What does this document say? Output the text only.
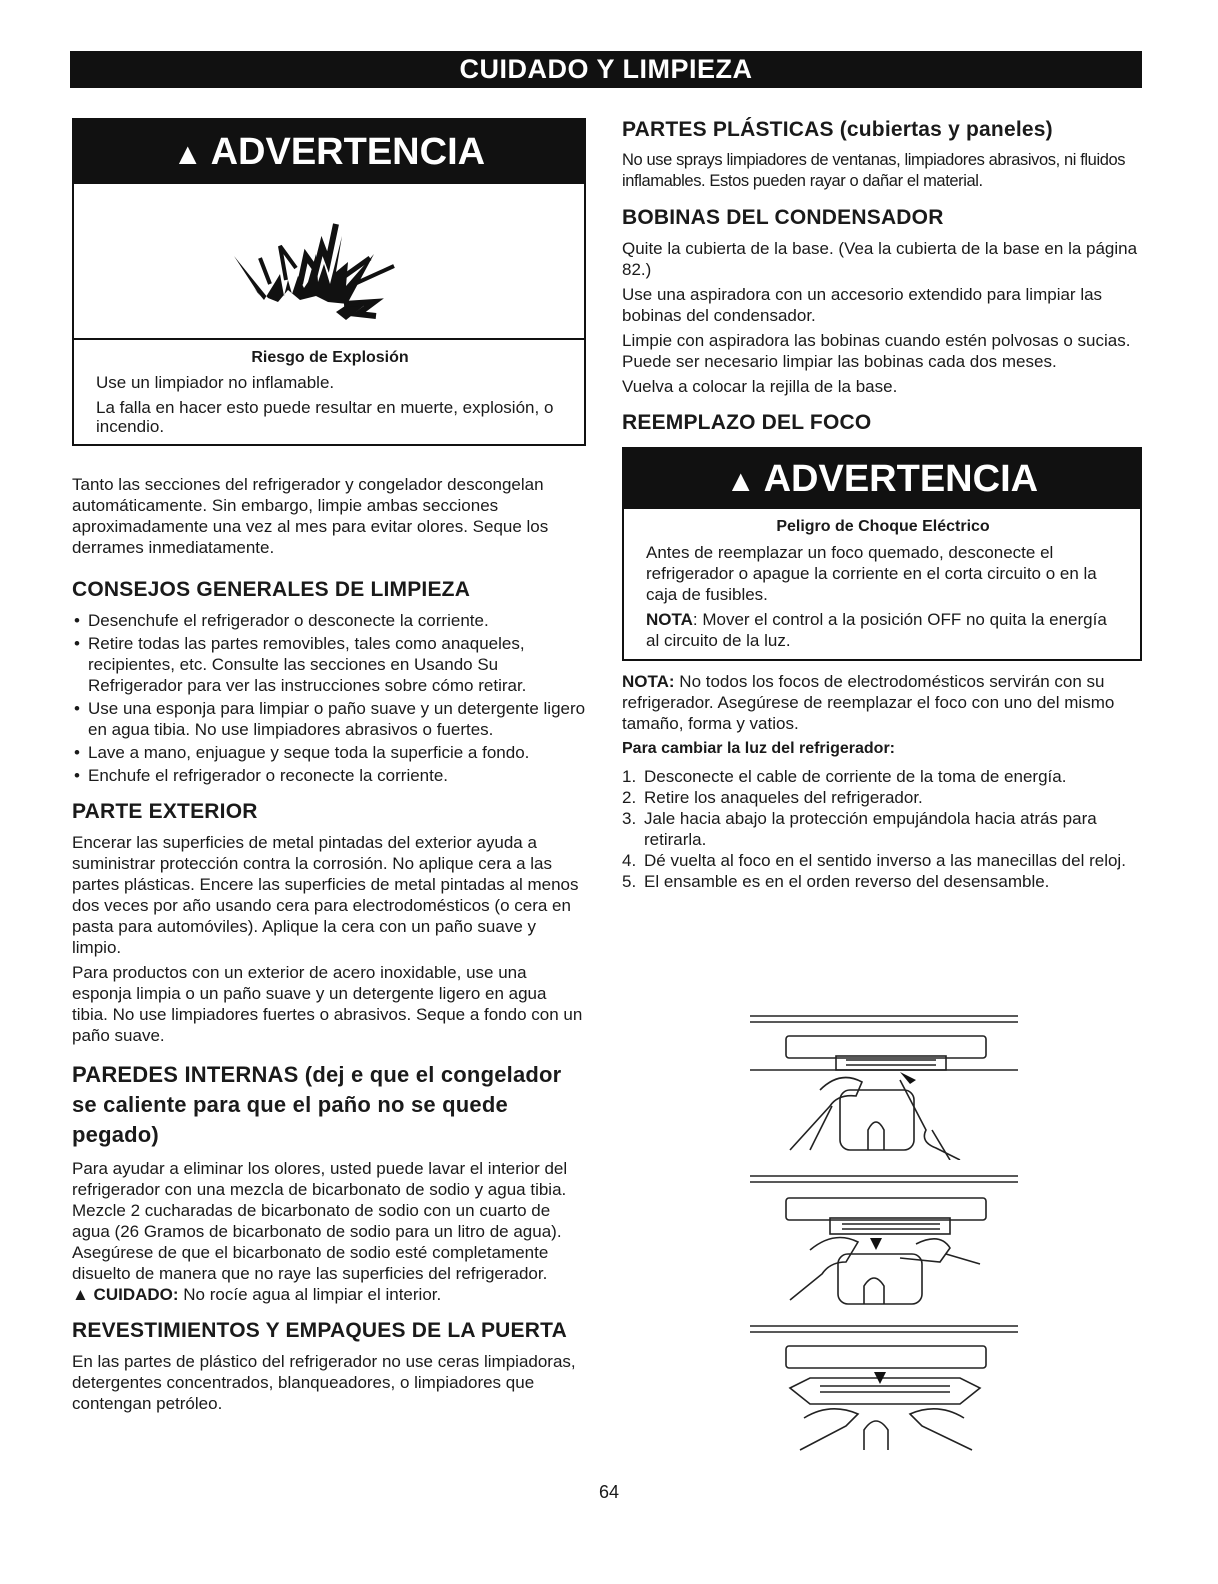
CUIDADO Y LIMPIEZA
▲ ADVERTENCIA
Riesgo de Explosión

Use un limpiador no inflamable.

La falla en hacer esto puede resultar en muerte, explosión, o incendio.

Tanto las secciones del refrigerador y congelador descongelan automáticamente. Sin embargo, limpie ambas secciones aproximadamente una vez al mes para evitar olores. Seque los derrames inmediatamente.

CONSEJOS GENERALES DE LIMPIEZA
• Desenchufe el refrigerador o desconecte la corriente.
• Retire todas las partes removibles, tales como anaqueles, recipientes, etc. Consulte las secciones en Usando Su Refrigerador para ver las instrucciones sobre cómo retirar.
• Use una esponja para limpiar o paño suave y un detergente ligero en agua tibia. No use limpiadores abrasivos o fuertes.
• Lave a mano, enjuague y seque toda la superficie a fondo.
• Enchufe el refrigerador o reconecte la corriente.
PARTE EXTERIOR

Encerar las superficies de metal pintadas del exterior ayuda a suministrar protección contra la corrosión. No aplique cera a las partes plásticas. Encere las superficies de metal pintadas al menos dos veces por año usando cera para electrodomésticos (o cera en pasta para automóviles). Aplique la cera con un paño suave y limpio.

Para productos con un exterior de acero inoxidable, use una esponja limpia o un paño suave y un detergente ligero en agua tibia. No use limpiadores fuertes o abrasivos. Seque a fondo con un paño suave.

PAREDES INTERNAS (dej e que el congelador se caliente para que el paño no se quede pegado)

Para ayudar a eliminar los olores, usted puede lavar el interior del refrigerador con una mezcla de bicarbonato de sodio y agua tibia. Mezcle 2 cucharadas de bicarbonato de sodio con un cuarto de agua (26 Gramos de bicarbonato de sodio para un litro de agua). Asegúrese de que el bicarbonato de sodio esté completamente disuelto de manera que no raye las superficies del refrigerador.

▲ CUIDADO: No rocíe agua al limpiar el interior.

REVESTIMIENTOS Y EMPAQUES DE LA PUERTA

En las partes de plástico del refrigerador no use ceras limpiadoras, detergentes concentrados, blanqueadores, o limpiadores que contengan petróleo.

PARTES PLÁSTICAS (cubiertas y paneles)

No use sprays limpiadores de ventanas, limpiadores abrasivos, ni fluidos inflamables. Estos pueden rayar o dañar el material.

BOBINAS DEL CONDENSADOR

Quite la cubierta de la base. (Vea la cubierta de la base en la página 82.)

Use una aspiradora con un accesorio extendido para limpiar las bobinas del condensador.

Limpie con aspiradora las bobinas cuando estén polvosas o sucias. Puede ser necesario limpiar las bobinas cada dos meses.

Vuelva a colocar la rejilla de la base.

REEMPLAZO DEL FOCO
▲ ADVERTENCIA
Peligro de Choque Eléctrico

Antes de reemplazar un foco quemado, desconecte el refrigerador o apague la corriente en el corta circuito o en la caja de fusibles.

NOTA: Mover el control a la posición OFF no quita la energía al circuito de la luz.

NOTA: No todos los focos de electrodomésticos servirán con su refrigerador. Asegúrese de reemplazar el foco con uno del mismo tamaño, forma y vatios.

Para cambiar la luz del refrigerador:
1. Desconecte el cable de corriente de la toma de energía.
2. Retire los anaqueles del refrigerador.
3. Jale hacia abajo la protección empujándola hacia atrás para retirarla.
4. Dé vuelta al foco en el sentido inverso a las manecillas del reloj.
5. El ensamble es en el orden reverso del desensamble.
64
